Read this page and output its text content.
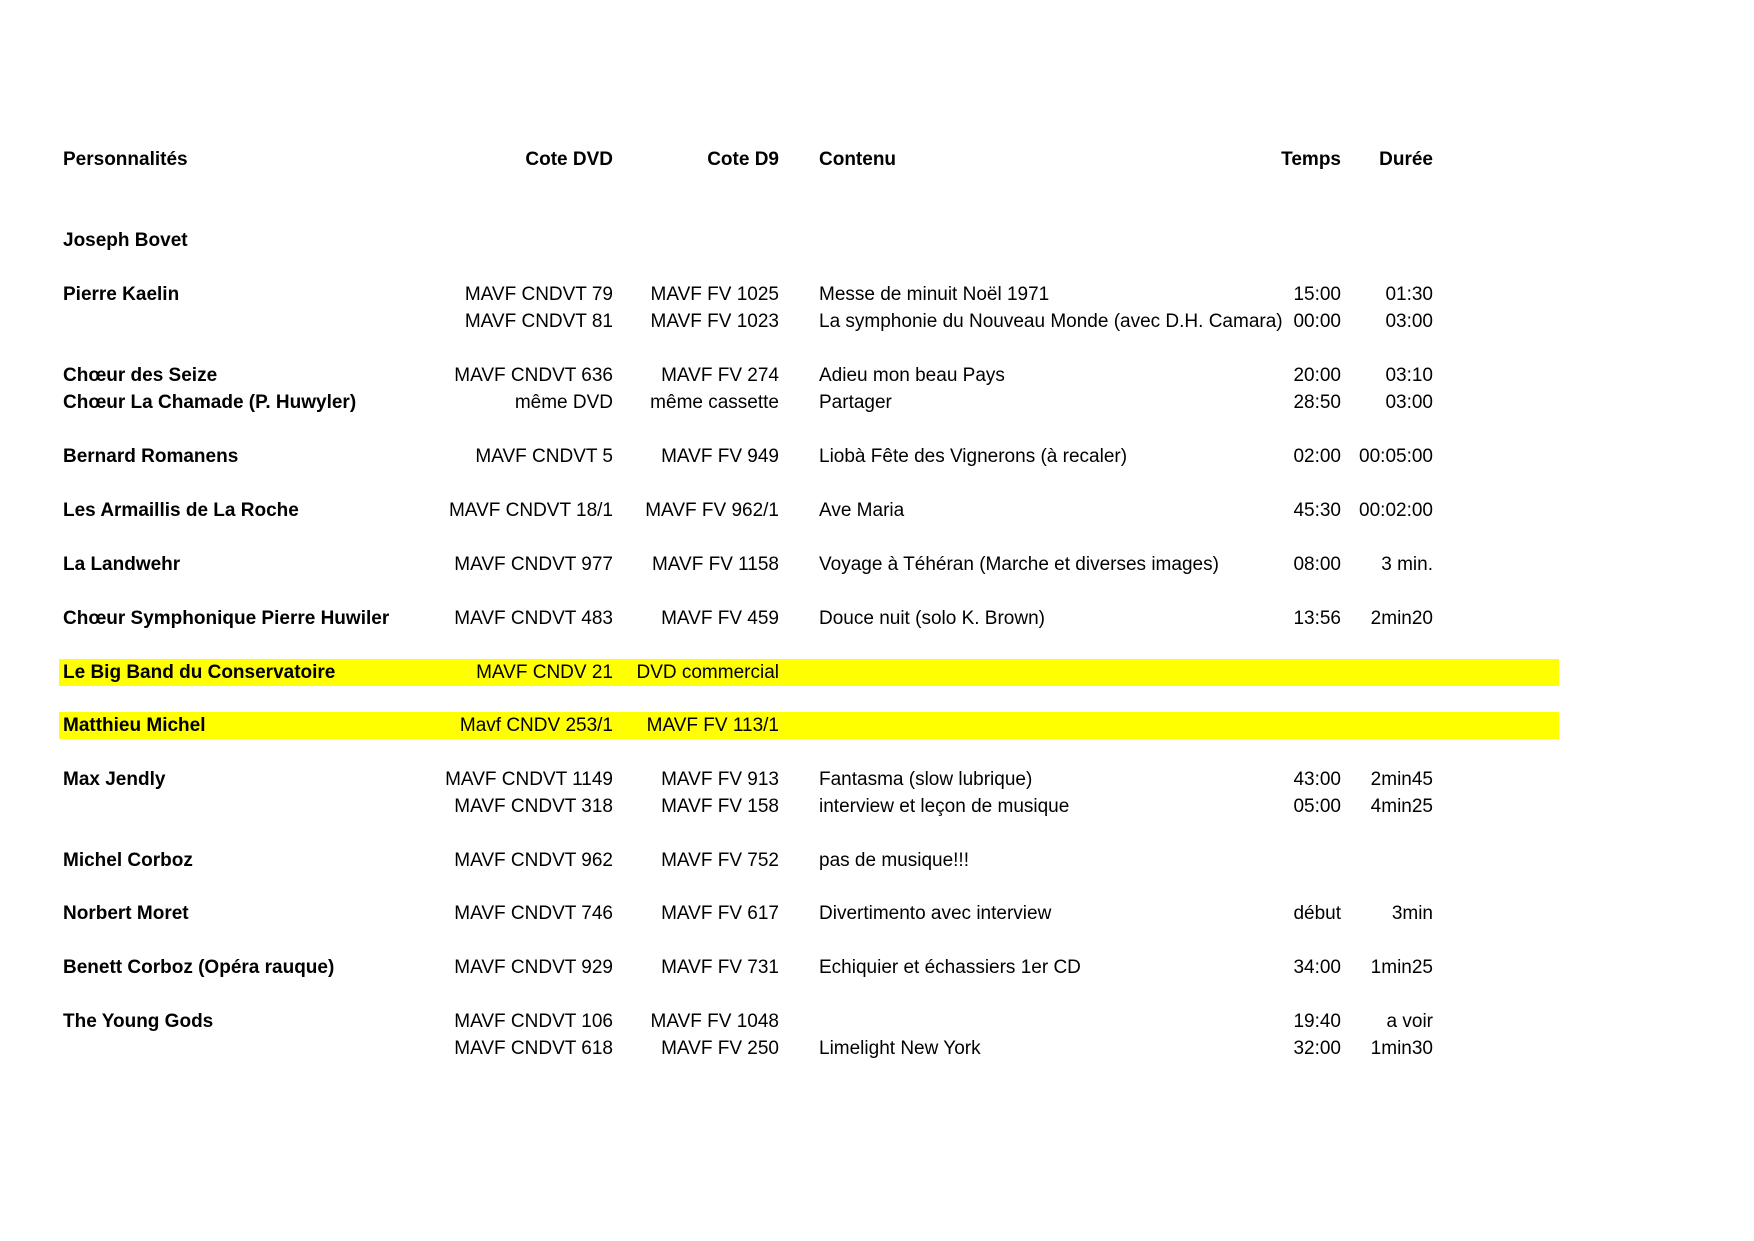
Personnalités	Cote DVD	Cote D9 Contenu	Temps Durée
Joseph Bovet
Pierre Kaelin	MAVF CNDVT 79 MAVF FV 1025 Messe de minuit Noël 1971	15:00 01:30
MAVF CNDVT 81 MAVF FV 1023 La symphonie du Nouveau Monde (avec D.H. Camara) 00:00 03:00
Chœur des Seize	MAVF CNDVT 636	MAVF FV 274 Adieu mon beau Pays	20:00 03:10
Chœur La Chamade (P. Huwyler)	même DVD même cassette Partager	28:50 03:00
Bernard Romanens	MAVF CNDVT 5	MAVF FV 949 Liobà Fête des Vignerons (à recaler)	02:00 00:05:00
Les Armaillis de La Roche	MAVF CNDVT 18/1 MAVF FV 962/1 Ave Maria	45:30 00:02:00
La Landwehr	MAVF CNDVT 977 MAVF FV 1158 Voyage à Téhéran (Marche et diverses images)	08:00 3 min.
Chœur Symphonique Pierre Huwiler	MAVF CNDVT 483	MAVF FV 459 Douce nuit (solo K. Brown)	13:56 2min20
Le Big Band du Conservatoire	MAVF CNDV 21 DVD commercial
Matthieu Michel	Mavf CNDV 253/1 MAVF FV 113/1
Max Jendly	MAVF CNDVT 1149	MAVF FV 913 Fantasma (slow lubrique)	43:00 2min45
MAVF CNDVT 318	MAVF FV 158 interview et leçon de musique	05:00 4min25
Michel Corboz	MAVF CNDVT 962	MAVF FV 752 pas de musique!!!
Norbert Moret	MAVF CNDVT 746	MAVF FV 617 Divertimento avec interview	début	3min
Benett Corboz (Opéra rauque)	MAVF CNDVT 929	MAVF FV 731 Echiquier et échassiers 1er CD	34:00 1min25
The Young Gods	MAVF CNDVT 106 MAVF FV 1048	19:40 a voir
MAVF CNDVT 618	MAVF FV 250 Limelight New York	32:00 1min30
